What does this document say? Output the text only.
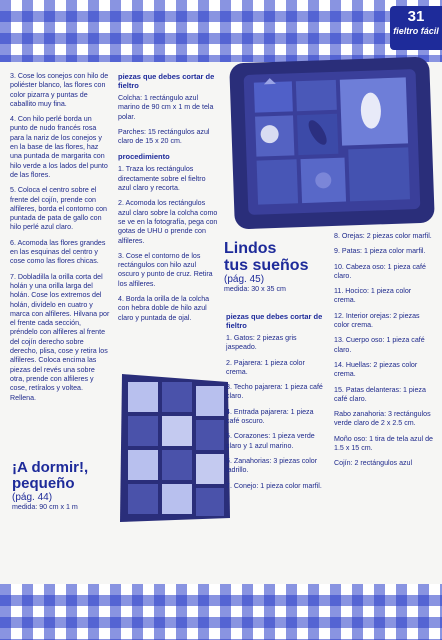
31
fieltro fácil

3. Cose los conejos con hilo de poliéster blanco, las flores con color pizarra y puntas de caballito muy fina.

4. Con hilo perlé borda un punto de nudo francés rosa para la nariz de los conejos y en la base de las flores, haz una puntada de margarita con hilo verde a los lados del punto de las flores.

5. Coloca el centro sobre el frente del cojín, prende con alfileres, borda el contorno con puntada de pata de gallo con hilo perlé azul claro.

6. Acomoda las flores grandes en las esquinas del centro y cose como las flores chicas.

7. Dobladilla la orilla corta del holán y una orilla larga del holán. Cose los extremos del holán, divídelo en cuatro y marca con alfileres. Hilvana por el frente cada sección, préndelo con alfileres al frente del cojín derecho sobre derecho, plisa, cose y retira los alfileres. Coloca encima las piezas del revés una sobre otra, prende con alfileres y cose, retíralos y voltea. Rellena.

¡A dormir!,
pequeño
(pág. 44)
medida: 90 cm x 1 m
piezas que debes cortar de fieltro

Colcha: 1 rectángulo azul marino de 90 cm x 1 m de tela polar.

Parches: 15 rectángulos azul claro de 15 x 20 cm.

procedimiento

1. Traza los rectángulos directamente sobre el fieltro azul claro y recorta.

2. Acomoda los rectángulos azul claro sobre la colcha como se ve en la fotografía, pega con gotas de UHU o prende con alfileres.

3. Cose el contorno de los rectángulos con hilo azul oscuro y punto de cruz. Retira los alfileres.

4. Borda la orilla de la colcha con hebra doble de hilo azul claro y puntada de ojal.

Lindos
tus sueños
(pág. 45)
medida: 30 x 35 cm
piezas que debes cortar de fieltro

1. Gatos: 2 piezas gris jaspeado.

2. Pajarera: 1 pieza color crema.

3. Techo pajarera: 1 pieza café claro.

4. Entrada pajarera: 1 pieza café oscuro.

5. Corazones: 1 pieza verde claro y 1 azul marino.

6. Zanahorias: 3 piezas color ladrillo.

7. Conejo: 1 pieza color marfil.

8. Orejas: 2 piezas color marfil.

9. Patas: 1 pieza color marfil.

10. Cabeza oso: 1 pieza café claro.

11. Hocico: 1 pieza color crema.

12. Interior orejas: 2 piezas color crema.

13. Cuerpo oso: 1 pieza café claro.

14. Huellas: 2 piezas color crema.

15. Patas delanteras: 1 pieza café claro.

Rabo zanahoria: 3 rectángulos verde claro de 2 x 2.5 cm.

Moño oso: 1 tira de tela azul de 1.5 x 15 cm.

Cojín: 2 rectángulos azul
